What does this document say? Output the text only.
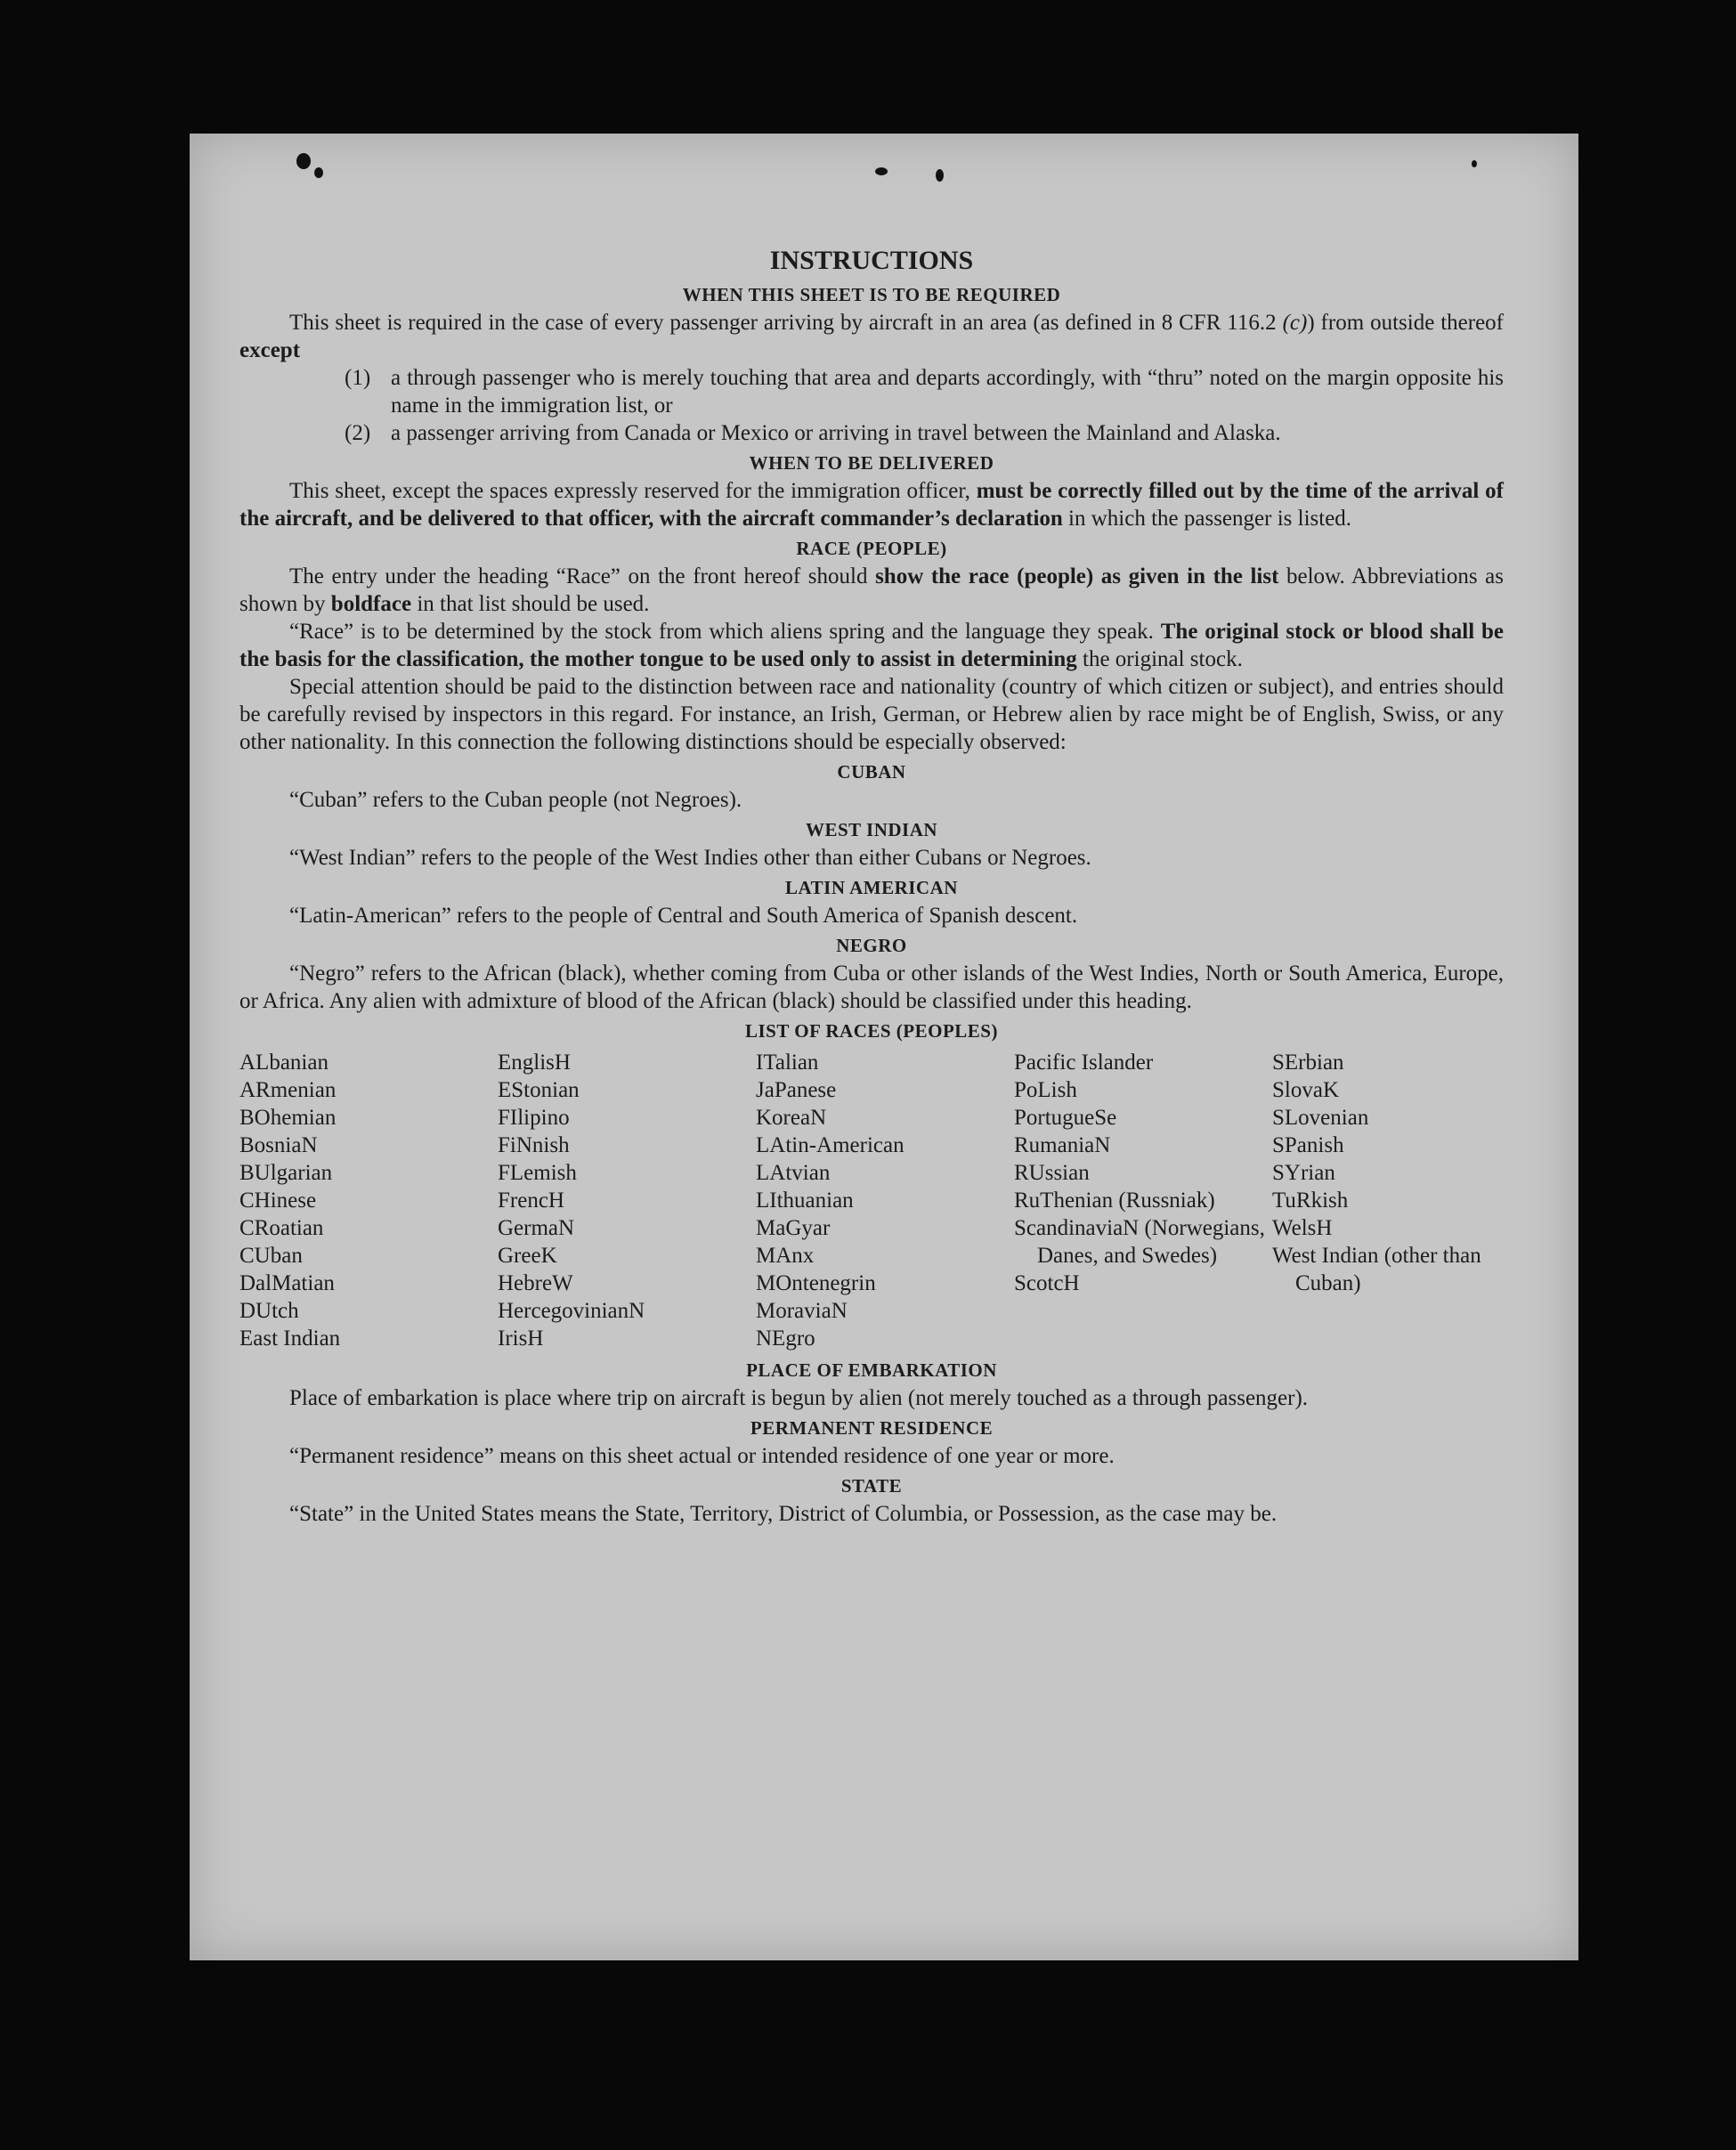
INSTRUCTIONS
WHEN THIS SHEET IS TO BE REQUIRED

This sheet is required in the case of every passenger arriving by aircraft in an area (as defined in 8 CFR 116.2 (c)) from outside thereof except

(1) a through passenger who is merely touching that area and departs accordingly, with “thru” noted on the margin opposite his name in the immigration list, or
(2) a passenger arriving from Canada or Mexico or arriving in travel between the Mainland and Alaska.
WHEN TO BE DELIVERED

This sheet, except the spaces expressly reserved for the immigration officer, must be correctly filled out by the time of the arrival of the aircraft, and be delivered to that officer, with the aircraft commander’s declaration in which the passenger is listed.

RACE (PEOPLE)

The entry under the heading “Race” on the front hereof should show the race (people) as given in the list below. Abbreviations as shown by boldface in that list should be used.

“Race” is to be determined by the stock from which aliens spring and the language they speak. The original stock or blood shall be the basis for the classification, the mother tongue to be used only to assist in determining the original stock.

Special attention should be paid to the distinction between race and nationality (country of which citizen or subject), and entries should be carefully revised by inspectors in this regard. For instance, an Irish, German, or Hebrew alien by race might be of English, Swiss, or any other nationality. In this connection the following distinctions should be especially observed:

CUBAN

“Cuban” refers to the Cuban people (not Negroes).

WEST INDIAN

“West Indian” refers to the people of the West Indies other than either Cubans or Negroes.

LATIN AMERICAN

“Latin-American” refers to the people of Central and South America of Spanish descent.

NEGRO

“Negro” refers to the African (black), whether coming from Cuba or other islands of the West Indies, North or South America, Europe, or Africa. Any alien with admixture of blood of the African (black) should be classified under this heading.

LIST OF RACES (PEOPLES)
ALbanian
ARmenian
BOhemian
BosniaN
BUlgarian
CHinese
CRoatian
CUban
DalMatian
DUtch
East Indian
EnglisH
EStonian
FIlipino
FiNnish
FLemish
FrencH
GermaN
GreeK
HebreW
HercegovinianN
IrisH
ITalian
JaPanese
KoreaN
LAtin-American
LAtvian
LIthuanian
MaGyar
MAnx
MOntenegrin
MoraviaN
NEgro
Pacific Islander
PoLish
PortugueSe
RumaniaN
RUssian
RuThenian (Russniak)
ScandinaviaN (Norwegians, Danes, and Swedes)
ScotcH
SErbian
SlovaK
SLovenian
SPanish
SYrian
TuRkish
WelsH
West Indian (other than Cuban)
PLACE OF EMBARKATION

Place of embarkation is place where trip on aircraft is begun by alien (not merely touched as a through passenger).

PERMANENT RESIDENCE

“Permanent residence” means on this sheet actual or intended residence of one year or more.

STATE

“State” in the United States means the State, Territory, District of Columbia, or Possession, as the case may be.
